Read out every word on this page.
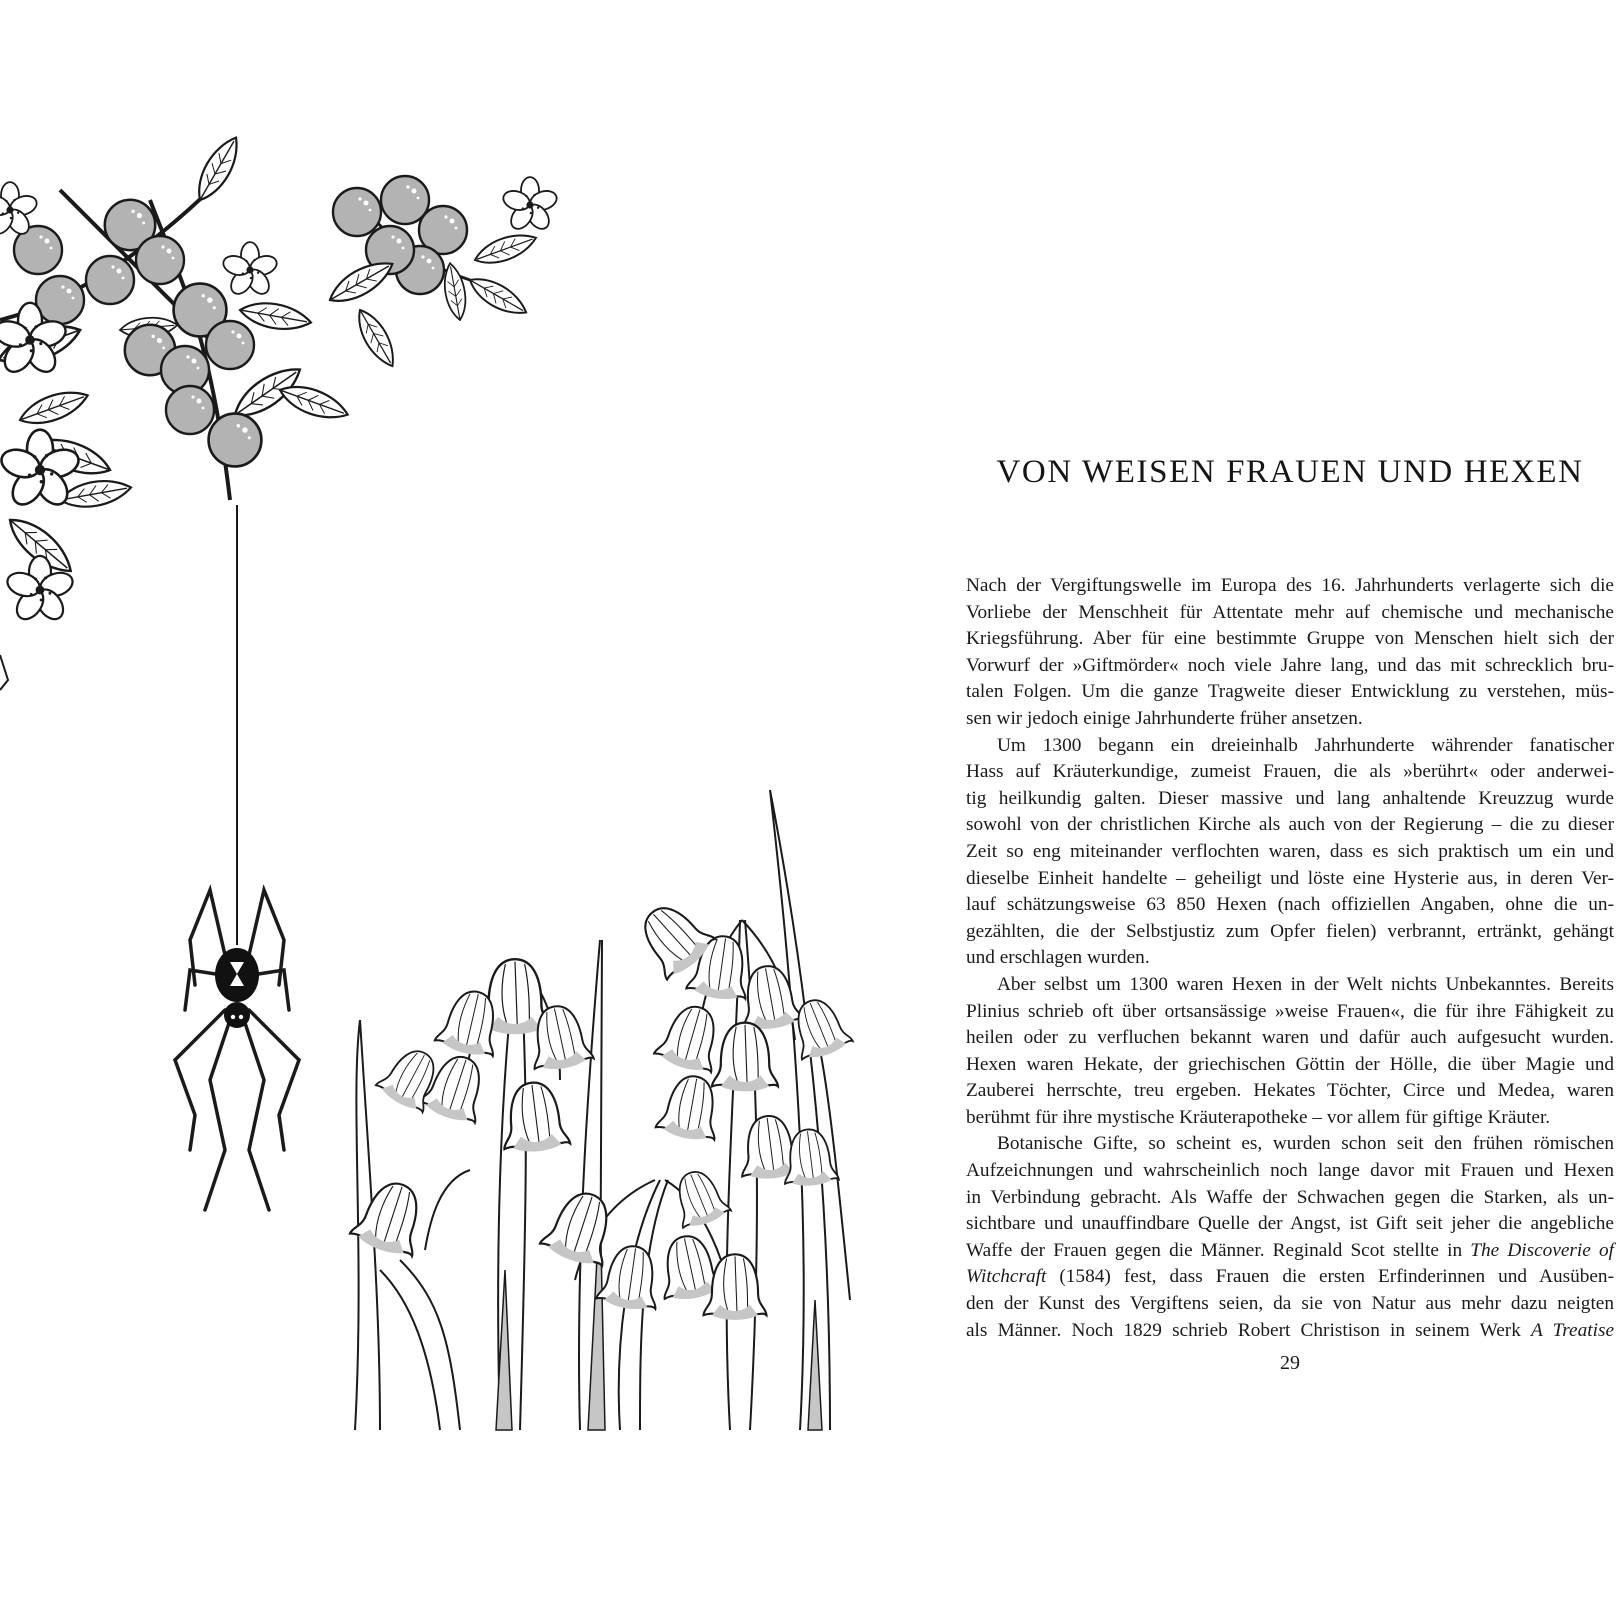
VON WEISEN FRAUEN UND HEXEN
Nach der Vergiftungswelle im Europa des 16. Jahrhunderts verlagerte sich die
Vorliebe der Menschheit für Attentate mehr auf chemische und mechanische
Kriegsführung. Aber für eine bestimmte Gruppe von Menschen hielt sich der
Vorwurf der »Giftmörder« noch viele Jahre lang, und das mit schrecklich bru-
talen Folgen. Um die ganze Tragweite dieser Entwicklung zu verstehen, müs-
sen wir jedoch einige Jahrhunderte früher ansetzen.
Um 1300 begann ein dreieinhalb Jahrhunderte währender fanatischer
Hass auf Kräuterkundige, zumeist Frauen, die als »berührt« oder anderwei-
tig heilkundig galten. Dieser massive und lang anhaltende Kreuzzug wurde
sowohl von der christlichen Kirche als auch von der Regierung – die zu dieser
Zeit so eng miteinander verflochten waren, dass es sich praktisch um ein und
dieselbe Einheit handelte – geheiligt und löste eine Hysterie aus, in deren Ver-
lauf schätzungsweise 63 850 Hexen (nach offiziellen Angaben, ohne die un-
gezählten, die der Selbstjustiz zum Opfer fielen) verbrannt, ertränkt, gehängt
und erschlagen wurden.
Aber selbst um 1300 waren Hexen in der Welt nichts Unbekanntes. Bereits
Plinius schrieb oft über ortsansässige »weise Frauen«, die für ihre Fähigkeit zu
heilen oder zu verfluchen bekannt waren und dafür auch aufgesucht wurden.
Hexen waren Hekate, der griechischen Göttin der Hölle, die über Magie und
Zauberei herrschte, treu ergeben. Hekates Töchter, Circe und Medea, waren
berühmt für ihre mystische Kräuterapotheke – vor allem für giftige Kräuter.
Botanische Gifte, so scheint es, wurden schon seit den frühen römischen
Aufzeichnungen und wahrscheinlich noch lange davor mit Frauen und Hexen
in Verbindung gebracht. Als Waffe der Schwachen gegen die Starken, als un-
sichtbare und unauffindbare Quelle der Angst, ist Gift seit jeher die angebliche
Waffe der Frauen gegen die Männer. Reginald Scot stellte in The Discoverie of
Witchcraft (1584) fest, dass Frauen die ersten Erfinderinnen und Ausüben-
den der Kunst des Vergiftens seien, da sie von Natur aus mehr dazu neigten
als Männer. Noch 1829 schrieb Robert Christison in seinem Werk A Treatise
29
